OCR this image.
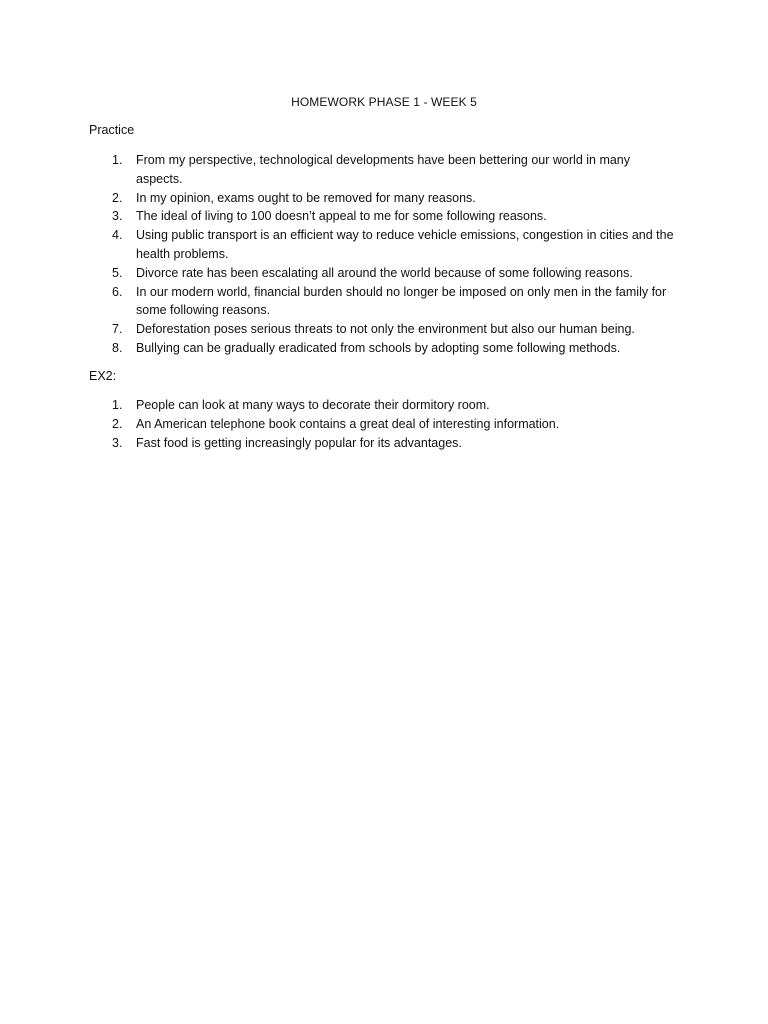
HOMEWORK PHASE 1 - WEEK 5
Practice
1. From my perspective, technological developments have been bettering our world in many aspects.
2. In my opinion, exams ought to be removed for many reasons.
3. The ideal of living to 100 doesn’t appeal to me for some following reasons.
4. Using public transport is an efficient way to reduce vehicle emissions, congestion in cities and the health problems.
5. Divorce rate has been escalating all around the world because of some following reasons.
6. In our modern world, financial burden should no longer be imposed on only men in the family for some following reasons.
7. Deforestation poses serious threats to not only the environment but also our human being.
8. Bullying can be gradually eradicated from schools by adopting some following methods.
EX2:
1. People can look at many ways to decorate their dormitory room.
2. An American telephone book contains a great deal of interesting information.
3. Fast food is getting increasingly popular for its advantages.
